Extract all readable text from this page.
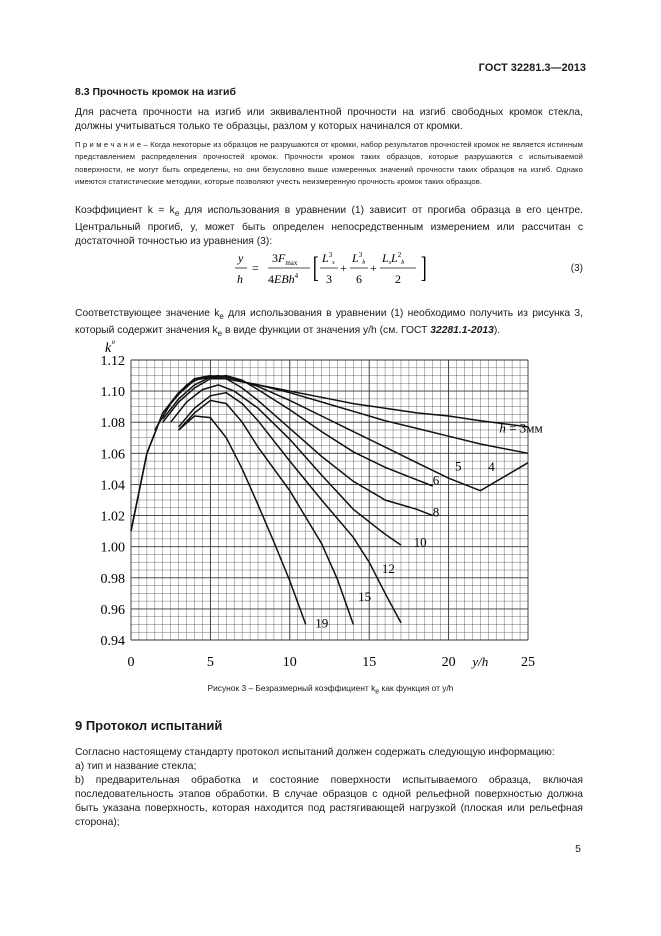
ГОСТ 32281.3—2013
8.3 Прочность кромок на изгиб
Для расчета прочности на изгиб или эквивалентной прочности на изгиб свободных кромок стекла, должны учитываться только те образцы, разлом у которых начинался от кромки.
П р и м е ч а н и е – Когда некоторые из образцов не разрушаются от кромки, набор результатов прочностей кромок не является истинным представлением распределения прочностей кромок. Прочности кромок таких образцов, которые разрушаются с испытываемой поверхности, не могут быть определены, но они безусловно выше измеренных значений прочности таких образцов на изгиб. Однако имеются статистические методики, которые позволяют учесть неизмеренную прочность кромок таких образцов.
Коэффициент $k = k_e$ для использования в уравнении (1) зависит от прогиба образца в его центре. Центральный прогиб, y, может быть определен непосредственным измерением или рассчитан с достаточной точностью из уравнения (3):
y
h
=
$3F_{max}$
4EBh$^4$ [ $L^3_s$
3
+
$L^3_b$
6
+
LsL$^2_b$
2 ]	(3)
Соответствующее значение $k_e$ для использования в уравнении (1) необходимо получить из рисунка 3, который содержит значения $k_e$ в виде функции от значения y/h (см. ГОСТ 32281.1-2013).
0	5	10	15	20	25
1.12
1.10
1.08
1.06
1.04
1.02
1.00
0.98
0.96
0.94
k e
y/h
h = 3мм
4
5
6
8
10
12
15
19
Рисунок 3 – Безразмерный коэффициент $k_e$ как функция от y/h
9 Протокол испытаний
Согласно настоящему стандарту протокол испытаний должен содержать следующую информацию:
а) тип и название стекла;
b) предварительная обработка и состояние поверхности испытываемого образца, включая последовательность этапов обработки. В случае образцов с одной рельефной поверхностью должна быть указана поверхность, которая находится под растягивающей нагрузкой (плоская или рельефная сторона);
5
